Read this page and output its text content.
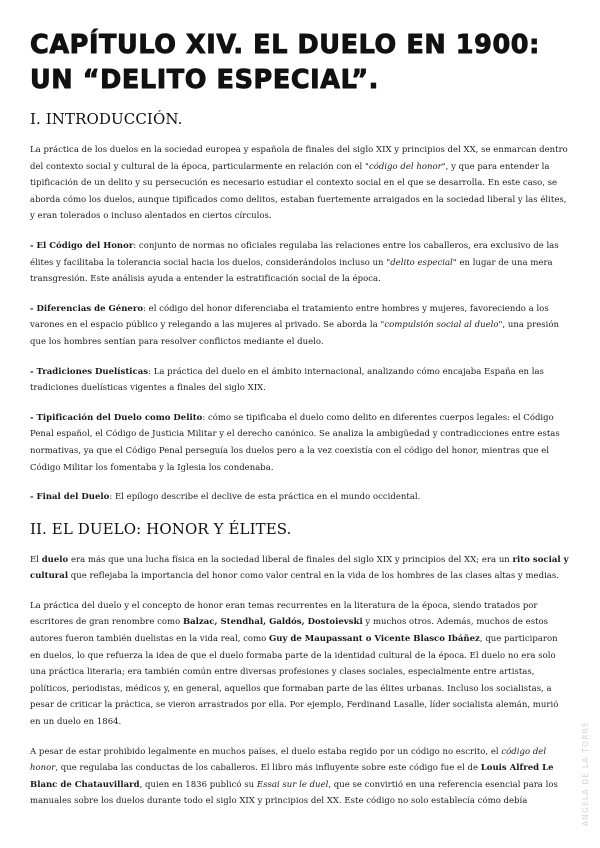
CAPÍTULO XIV. EL DUELO EN 1900: UN “DELITO ESPECIAL”.
I. INTRODUCCIÓN.

La práctica de los duelos en la sociedad europea y española de finales del siglo XIX y principios del XX, se enmarcan dentro del contexto social y cultural de la época, particularmente en relación con el "código del honor", y que para entender la tipificación de un delito y su persecución es necesario estudiar el contexto social en el que se desarrolla. En este caso, se aborda cómo los duelos, aunque tipificados como delitos, estaban fuertemente arraigados en la sociedad liberal y las élites, y eran tolerados o incluso alentados en ciertos círculos.

- El Código del Honor: conjunto de normas no oficiales regulaba las relaciones entre los caballeros, era exclusivo de las élites y facilitaba la tolerancia social hacia los duelos, considerándolos incluso un "delito especial" en lugar de una mera transgresión. Este análisis ayuda a entender la estratificación social de la época.

- Diferencias de Género: el código del honor diferenciaba el tratamiento entre hombres y mujeres, favoreciendo a los varones en el espacio público y relegando a las mujeres al privado. Se aborda la "compulsión social al duelo", una presión que los hombres sentían para resolver conflictos mediante el duelo.

- Tradiciones Duelísticas: La práctica del duelo en el ámbito internacional, analizando cómo encajaba España en las tradiciones duelísticas vigentes a finales del siglo XIX.

- Tipificación del Duelo como Delito: cómo se tipificaba el duelo como delito en diferentes cuerpos legales: el Código Penal español, el Código de Justicia Militar y el derecho canónico. Se analiza la ambigüedad y contradicciones entre estas normativas, ya que el Código Penal perseguía los duelos pero a la vez coexistía con el código del honor, mientras que el Código Militar los fomentaba y la Iglesia los condenaba.

- Final del Duelo: El epílogo describe el declive de esta práctica en el mundo occidental.

II. EL DUELO: HONOR Y ÉLITES.

El duelo era más que una lucha física en la sociedad liberal de finales del siglo XIX y principios del XX; era un rito social y cultural que reflejaba la importancia del honor como valor central en la vida de los hombres de las clases altas y medias.

La práctica del duelo y el concepto de honor eran temas recurrentes en la literatura de la época, siendo tratados por escritores de gran renombre como Balzac, Stendhal, Galdós, Dostoievski y muchos otros. Además, muchos de estos autores fueron también duelistas en la vida real, como Guy de Maupassant o Vicente Blasco Ibáñez, que participaron en duelos, lo que refuerza la idea de que el duelo formaba parte de la identidad cultural de la época. El duelo no era solo una práctica literaria; era también común entre diversas profesiones y clases sociales, especialmente entre artistas, políticos, periodistas, médicos y, en general, aquellos que formaban parte de las élites urbanas. Incluso los socialistas, a pesar de criticar la práctica, se vieron arrastrados por ella. Por ejemplo, Ferdinand Lasalle, líder socialista alemán, murió en un duelo en 1864.

A pesar de estar prohibido legalmente en muchos países, el duelo estaba regido por un código no escrito, el código del honor, que regulaba las conductas de los caballeros. El libro más influyente sobre este código fue el de Louis Alfred Le Blanc de Chatauvillard, quien en 1836 publicó su Essai sur le duel, que se convirtió en una referencia esencial para los manuales sobre los duelos durante todo el siglo XIX y principios del XX. Este código no solo establecía cómo debía	ÁNGELA DE LA TORRE
